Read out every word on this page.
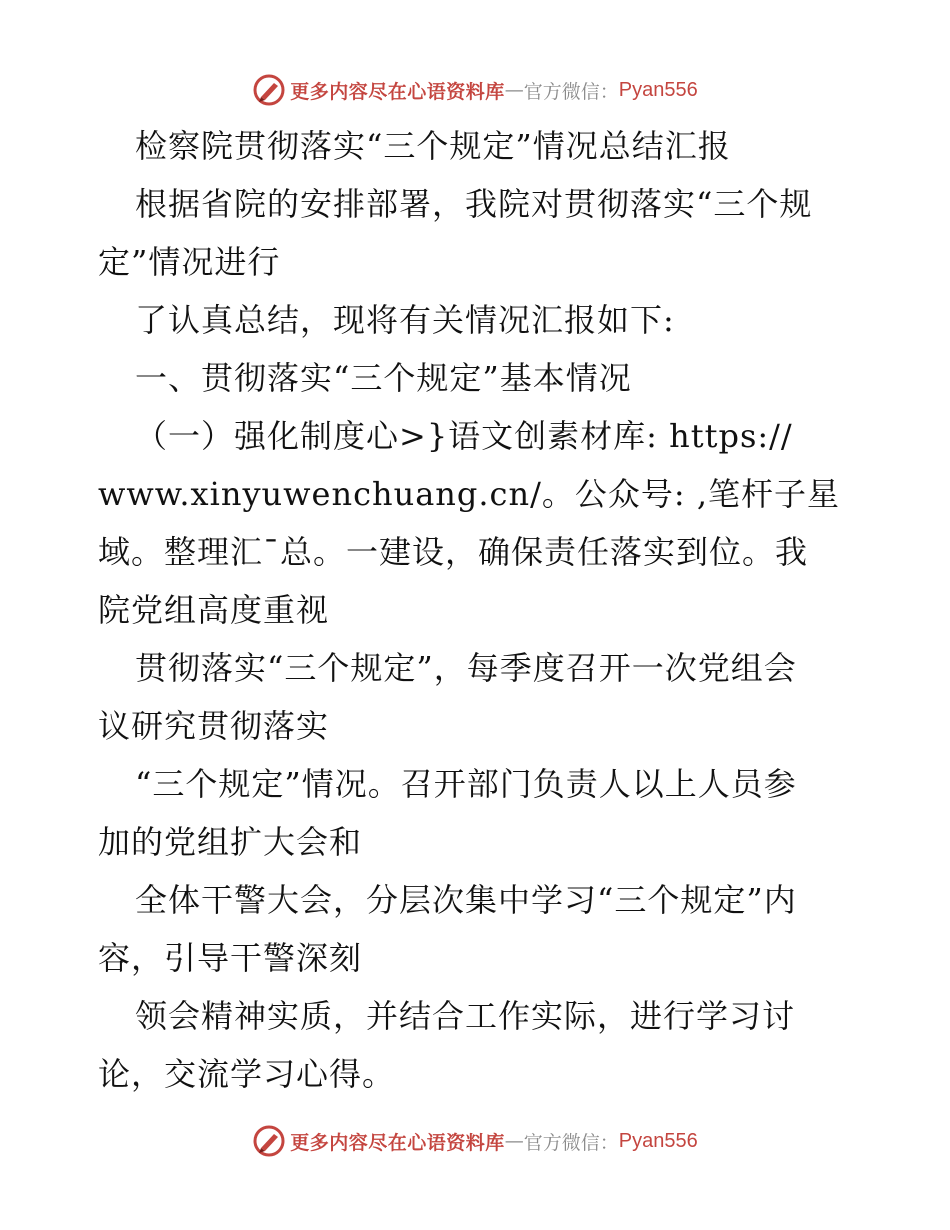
更多内容尽在心语资料库 — 官方微信： Pyan556
检察院贯彻落实“三个规定”情况总结汇报
根据省院的安排部署，我院对贯彻落实“三个规
定”情况进行
了认真总结，现将有关情况汇报如下:
一、贯彻落实“三个规定”基本情况
（一）强化制度心>}语文创素材库: https://
www.xinyuwenchuang.cn/。公众号: ,笔杆子星
域。整理汇¯总。一建设，确保责任落实到位。我
院党组高度重视
贯彻落实“三个规定”，每季度召开一次党组会
议研究贯彻落实
“三个规定”情况。召开部门负责人以上人员参
加的党组扩大会和
全体干警大会，分层次集中学习“三个规定”内
容，引导干警深刻
领会精神实质，并结合工作实际，进行学习讨
论，交流学习心得。
更多内容尽在心语资料库 — 官方微信： Pyan556
